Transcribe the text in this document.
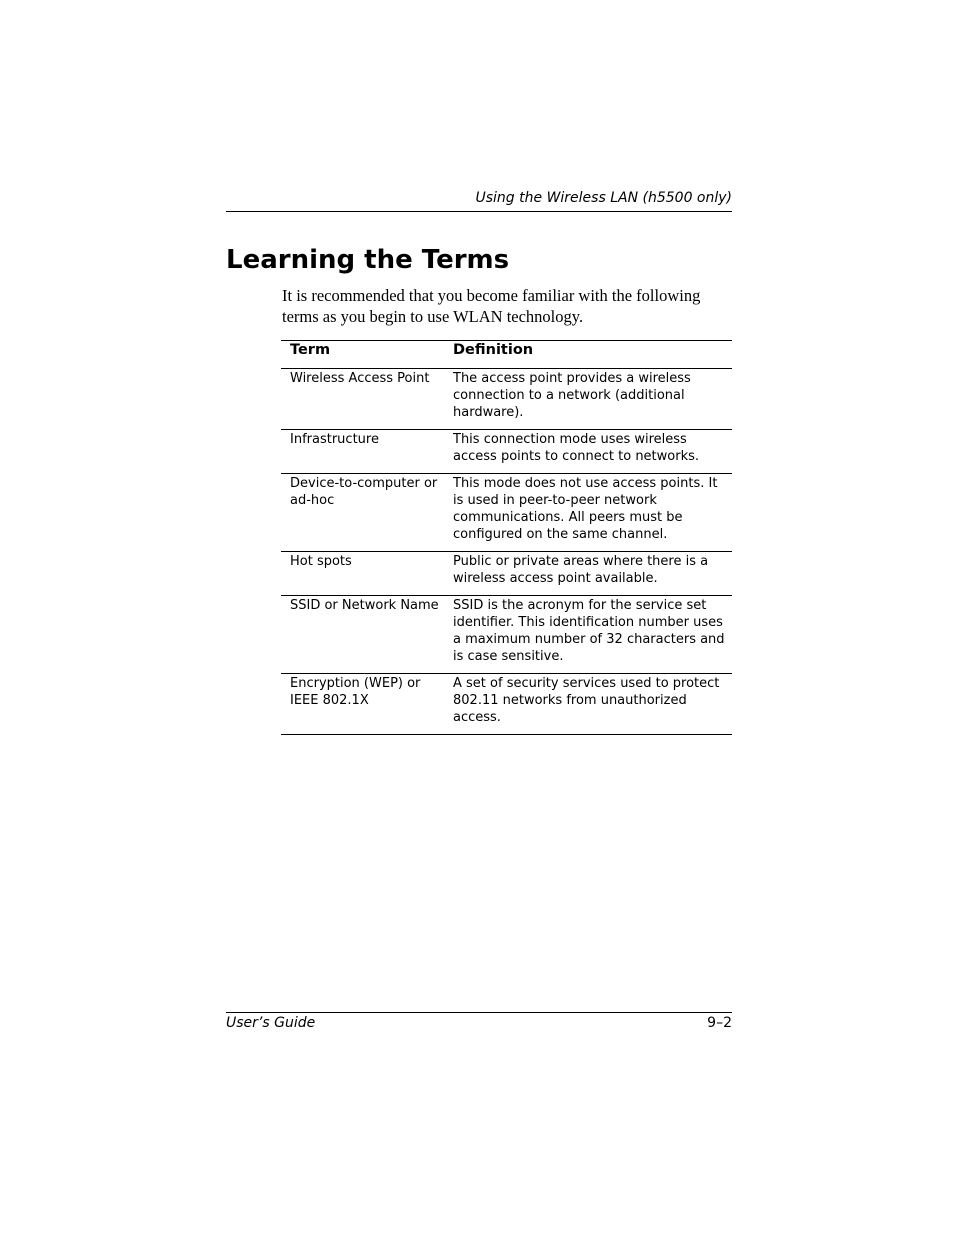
Using the Wireless LAN (h5500 only)
Learning the Terms

It is recommended that you become familiar with the following terms as you begin to use WLAN technology.

Term	Definition
Wireless Access Point	The access point provides a wireless connection to a network (additional hardware).
Infrastructure	This connection mode uses wireless access points to connect to networks.
Device-to-computer or ad-hoc	This mode does not use access points. It is used in peer-to-peer network communications. All peers must be configured on the same channel.
Hot spots	Public or private areas where there is a wireless access point available.
SSID or Network Name	SSID is the acronym for the service set identifier. This identification number uses a maximum number of 32 characters and is case sensitive.
Encryption (WEP) or IEEE 802.1X	A set of security services used to protect 802.11 networks from unauthorized access.
User’s Guide	9–2
